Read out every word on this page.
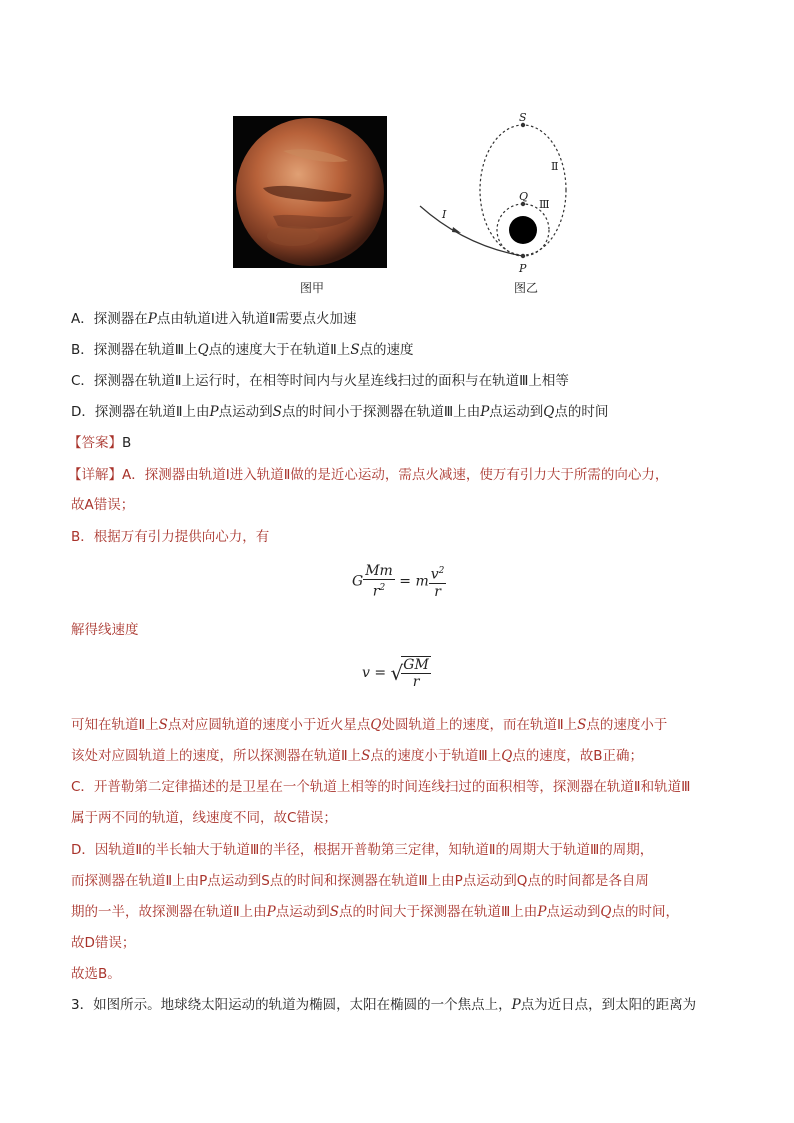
图甲
S
Q
P
I
Ⅱ
Ⅲ
图乙
A．探测器在P点由轨道Ⅰ进入轨道Ⅱ需要点火加速
B．探测器在轨道Ⅲ上Q点的速度大于在轨道Ⅱ上S点的速度
C．探测器在轨道Ⅱ上运行时，在相等时间内与火星连线扫过的面积与在轨道Ⅲ上相等
D．探测器在轨道Ⅱ上由P点运动到S点的时间小于探测器在轨道Ⅲ上由P点运动到Q点的时间
【答案】B
【详解】A．探测器由轨道Ⅰ进入轨道Ⅱ做的是近心运动，需点火减速，使万有引力大于所需的向心力，
故A错误；
B．根据万有引力提供向心力，有
G $\frac{Mm}{r^2} = m \frac{v^2}{r}$
解得线速度
v = √
$\frac{GM}{r}$
可知在轨道Ⅱ上S点对应圆轨道的速度小于近火星点Q处圆轨道上的速度，而在轨道Ⅱ上S点的速度小于
该处对应圆轨道上的速度，所以探测器在轨道Ⅱ上S点的速度小于轨道Ⅲ上Q点的速度，故B正确；
C．开普勒第二定律描述的是卫星在一个轨道上相等的时间连线扫过的面积相等，探测器在轨道Ⅱ和轨道Ⅲ
属于两不同的轨道，线速度不同，故C错误；
D．因轨道Ⅱ的半长轴大于轨道Ⅲ的半径，根据开普勒第三定律，知轨道Ⅱ的周期大于轨道Ⅲ的周期，
而探测器在轨道Ⅱ上由P点运动到S点的时间和探测器在轨道Ⅲ上由P点运动到Q点的时间都是各自周
期的一半，故探测器在轨道Ⅱ上由P点运动到S点的时间大于探测器在轨道Ⅲ上由P点运动到Q点的时间，
故D错误；
故选B。
3．如图所示。地球绕太阳运动的轨道为椭圆，太阳在椭圆的一个焦点上，P点为近日点，到太阳的距离为
